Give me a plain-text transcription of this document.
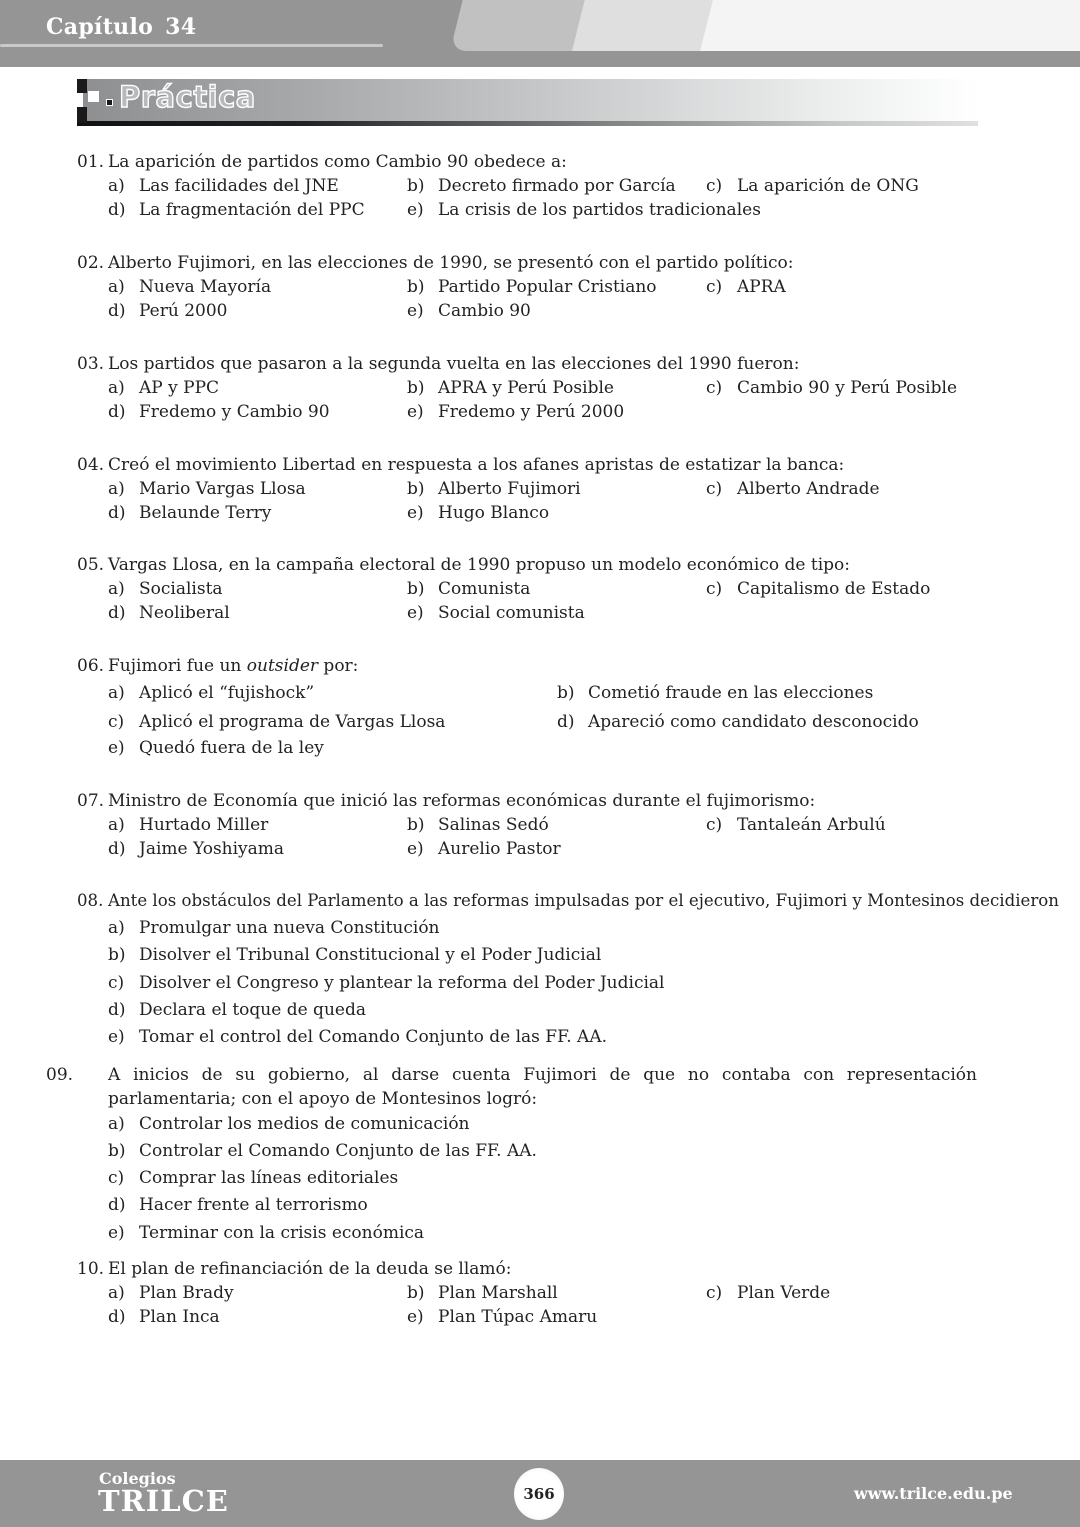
Capítulo 34
Práctica
01. La aparición de partidos como Cambio 90 obedece a:
a) Las facilidades del JNE	b) Decreto firmado por García c) La aparición de ONG
d) La fragmentación del PPC e) La crisis de los partidos tradicionales
02. Alberto Fujimori, en las elecciones de 1990, se presentó con el partido político:
a) Nueva Mayoría	b) Partido Popular Cristiano	c) APRA
d) Perú 2000	e) Cambio 90
03. Los partidos que pasaron a la segunda vuelta en las elecciones del 1990 fueron:
a) AP y PPC	b) APRA y Perú Posible	c) Cambio 90 y Perú Posible
d) Fredemo y Cambio 90	e) Fredemo y Perú 2000
04. Creó el movimiento Libertad en respuesta a los afanes apristas de estatizar la banca:
a) Mario Vargas Llosa	b) Alberto Fujimori	c) Alberto Andrade
d) Belaunde Terry	e) Hugo Blanco
05. Vargas Llosa, en la campaña electoral de 1990 propuso un modelo económico de tipo:
a) Socialista	b) Comunista	c) Capitalismo de Estado
d) Neoliberal	e) Social comunista
06. Fujimori fue un outsider por:
a) Aplicó el “fujishock”	b) Cometió fraude en las elecciones
c) Aplicó el programa de Vargas Llosa	d) Apareció como candidato desconocido
e) Quedó fuera de la ley
07. Ministro de Economía que inició las reformas económicas durante el fujimorismo:
a) Hurtado Miller	b) Salinas Sedó	c) Tantaleán Arbulú
d) Jaime Yoshiyama	e) Aurelio Pastor
08. Ante los obstáculos del Parlamento a las reformas impulsadas por el ejecutivo, Fujimori y Montesinos decidieron
a) Promulgar una nueva Constitución
b) Disolver el Tribunal Constitucional y el Poder Judicial
c) Disolver el Congreso y plantear la reforma del Poder Judicial
d) Declara el toque de queda
e) Tomar el control del Comando Conjunto de las FF. AA.
09. A inicios de su gobierno, al darse cuenta Fujimori de que no contaba con representación parlamentaria; con el apoyo de Montesinos logró:
a) Controlar los medios de comunicación
b) Controlar el Comando Conjunto de las FF. AA.
c) Comprar las líneas editoriales
d) Hacer frente al terrorismo
e) Terminar con la crisis económica
10. El plan de refinanciación de la deuda se llamó:
a) Plan Brady	b) Plan Marshall	c) Plan Verde
d) Plan Inca	e) Plan Túpac Amaru
Colegios
TRILCE	366	www.trilce.edu.pe
